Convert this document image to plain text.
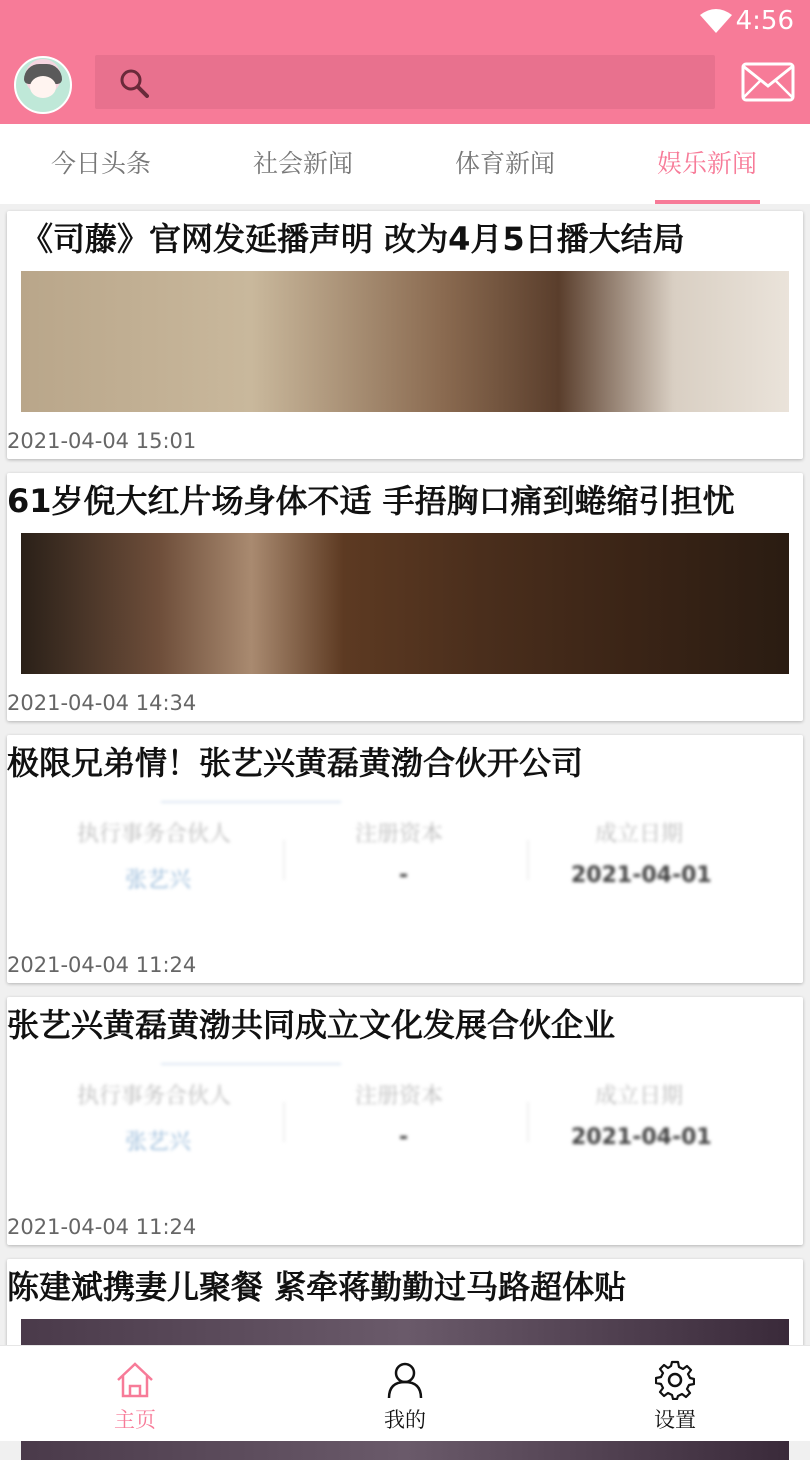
4:56
今日头条	社会新闻	体育新闻	娱乐新闻
《司藤》官网发延播声明 改为4月5日播大结局
2021-04-04 15:01
61岁倪大红片场身体不适 手捂胸口痛到蜷缩引担忧
2021-04-04 14:34
极限兄弟情！张艺兴黄磊黄渤合伙开公司
执行事务合伙人	注册资本	成立日期
张艺兴	-	2021-04-01
2021-04-04 11:24
张艺兴黄磊黄渤共同成立文化发展合伙企业
执行事务合伙人	注册资本	成立日期
张艺兴	-	2021-04-01
2021-04-04 11:24
陈建斌携妻儿聚餐 紧牵蒋勤勤过马路超体贴
主页	我的	设置
